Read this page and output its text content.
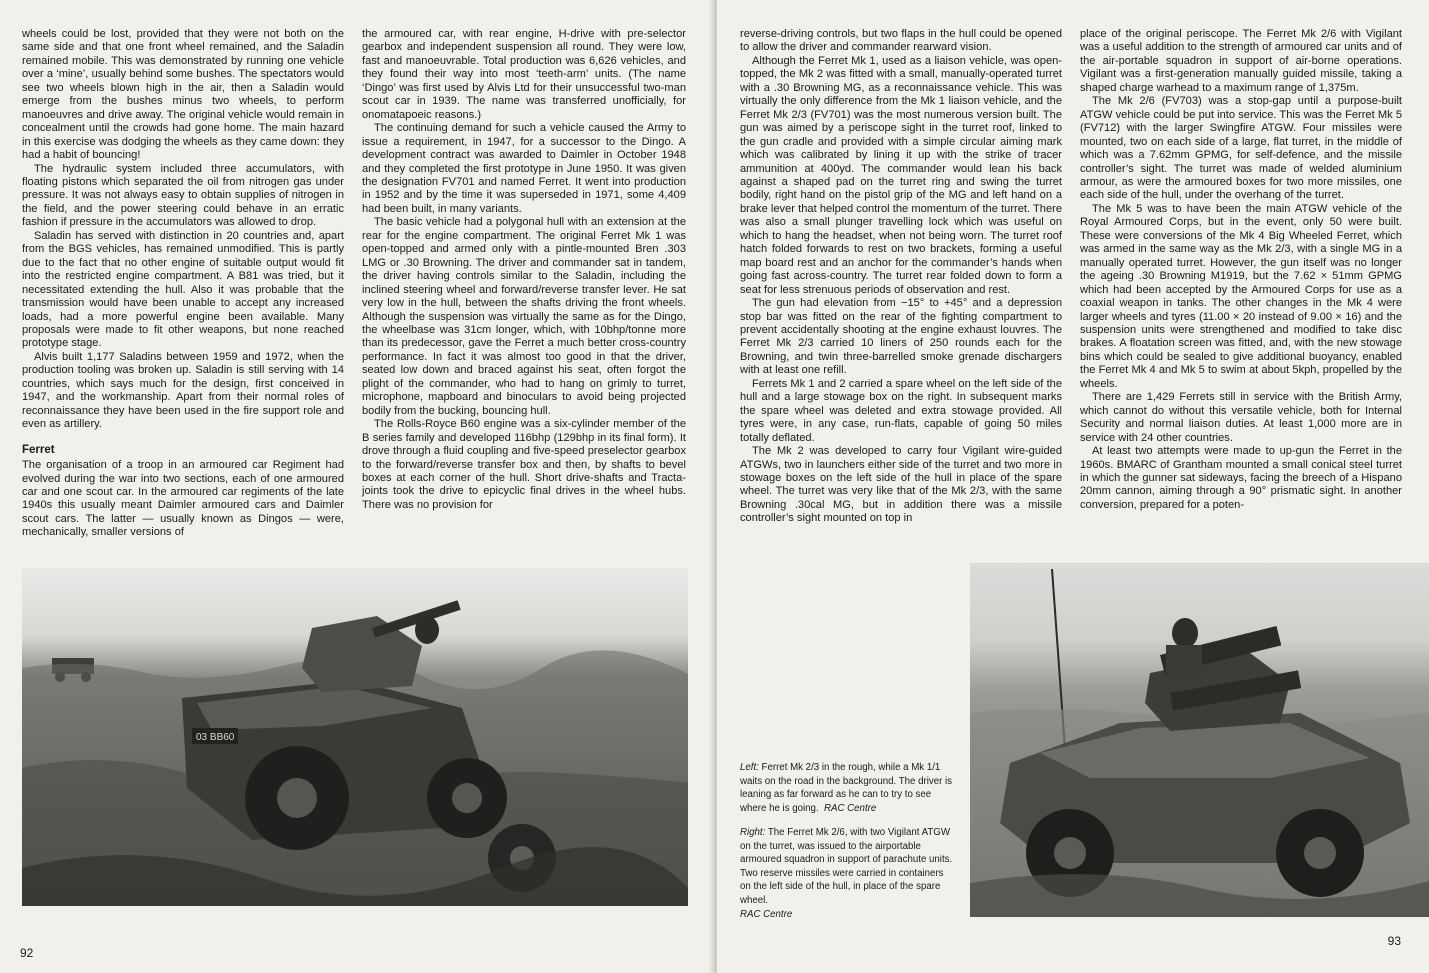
wheels could be lost, provided that they were not both on the same side and that one front wheel remained, and the Saladin remained mobile. This was demonstrated by running one vehicle over a ‘mine’, usually behind some bushes. The spectators would see two wheels blown high in the air, then a Saladin would emerge from the bushes minus two wheels, to perform manoeuvres and drive away. The original vehicle would remain in concealment until the crowds had gone home. The main hazard in this exercise was dodging the wheels as they came down: they had a habit of bouncing!

The hydraulic system included three accumulators, with floating pistons which separated the oil from nitrogen gas under pressure. It was not always easy to obtain supplies of nitrogen in the field, and the power steering could behave in an erratic fashion if pressure in the accumulators was allowed to drop.

Saladin has served with distinction in 20 countries and, apart from the BGS vehicles, has remained unmodified. This is partly due to the fact that no other engine of suitable output would fit into the restricted engine compartment. A B81 was tried, but it necessitated extending the hull. Also it was probable that the transmission would have been unable to accept any increased loads, had a more powerful engine been available. Many proposals were made to fit other weapons, but none reached prototype stage.

Alvis built 1,177 Saladins between 1959 and 1972, when the production tooling was broken up. Saladin is still serving with 14 countries, which says much for the design, first conceived in 1947, and the workmanship. Apart from their normal roles of reconnaissance they have been used in the fire support role and even as artillery.

Ferret

The organisation of a troop in an armoured car Regiment had evolved during the war into two sections, each of one armoured car and one scout car. In the armoured car regiments of the late 1940s this usually meant Daimler armoured cars and Daimler scout cars. The latter — usually known as Dingos — were, mechanically, smaller versions of

the armoured car, with rear engine, H-drive with pre-selector gearbox and independent suspension all round. They were low, fast and manoeuvrable. Total production was 6,626 vehicles, and they found their way into most ‘teeth-arm’ units. (The name ‘Dingo’ was first used by Alvis Ltd for their unsuccessful two-man scout car in 1939. The name was transferred unofficially, for onomatapoeic reasons.)

The continuing demand for such a vehicle caused the Army to issue a requirement, in 1947, for a successor to the Dingo. A development contract was awarded to Daimler in October 1948 and they completed the first prototype in June 1950. It was given the designation FV701 and named Ferret. It went into production in 1952 and by the time it was superseded in 1971, some 4,409 had been built, in many variants.

The basic vehicle had a polygonal hull with an extension at the rear for the engine compartment. The original Ferret Mk 1 was open-topped and armed only with a pintle-mounted Bren .303 LMG or .30 Browning. The driver and commander sat in tandem, the driver having controls similar to the Saladin, including the inclined steering wheel and forward/reverse transfer lever. He sat very low in the hull, between the shafts driving the front wheels. Although the suspension was virtually the same as for the Dingo, the wheelbase was 31cm longer, which, with 10bhp/tonne more than its predecessor, gave the Ferret a much better cross-country performance. In fact it was almost too good in that the driver, seated low down and braced against his seat, often forgot the plight of the commander, who had to hang on grimly to turret, microphone, mapboard and binoculars to avoid being projected bodily from the bucking, bouncing hull.

The Rolls-Royce B60 engine was a six-cylinder member of the B series family and developed 116bhp (129bhp in its final form). It drove through a fluid coupling and five-speed preselector gearbox to the forward/reverse transfer box and then, by shafts to bevel boxes at each corner of the hull. Short drive-shafts and Tracta-joints took the drive to epicyclic final drives in the wheel hubs. There was no provision for

03 BB60
92

reverse-driving controls, but two flaps in the hull could be opened to allow the driver and commander rearward vision.

Although the Ferret Mk 1, used as a liaison vehicle, was open-topped, the Mk 2 was fitted with a small, manually-operated turret with a .30 Browning MG, as a reconnaissance vehicle. This was virtually the only difference from the Mk 1 liaison vehicle, and the Ferret Mk 2/3 (FV701) was the most numerous version built. The gun was aimed by a periscope sight in the turret roof, linked to the gun cradle and provided with a simple circular aiming mark which was calibrated by lining it up with the strike of tracer ammunition at 400yd. The commander would lean his back against a shaped pad on the turret ring and swing the turret bodily, right hand on the pistol grip of the MG and left hand on a brake lever that helped control the momentum of the turret. There was also a small plunger travelling lock which was useful on which to hang the headset, when not being worn. The turret roof hatch folded forwards to rest on two brackets, forming a useful map board rest and an anchor for the commander’s hands when going fast across-country. The turret rear folded down to form a seat for less strenuous periods of observation and rest.

The gun had elevation from −15° to +45° and a depression stop bar was fitted on the rear of the fighting compartment to prevent accidentally shooting at the engine exhaust louvres. The Ferret Mk 2/3 carried 10 liners of 250 rounds each for the Browning, and twin three-barrelled smoke grenade dischargers with at least one refill.

Ferrets Mk 1 and 2 carried a spare wheel on the left side of the hull and a large stowage box on the right. In subsequent marks the spare wheel was deleted and extra stowage provided. All tyres were, in any case, run-flats, capable of going 50 miles totally deflated.

The Mk 2 was developed to carry four Vigilant wire-guided ATGWs, two in launchers either side of the turret and two more in stowage boxes on the left side of the hull in place of the spare wheel. The turret was very like that of the Mk 2/3, with the same Browning .30cal MG, but in addition there was a missile controller’s sight mounted on top in

place of the original periscope. The Ferret Mk 2/6 with Vigilant was a useful addition to the strength of armoured car units and of the air-portable squadron in support of air-borne operations. Vigilant was a first-generation manually guided missile, taking a shaped charge warhead to a maximum range of 1,375m.

The Mk 2/6 (FV703) was a stop-gap until a purpose-built ATGW vehicle could be put into service. This was the Ferret Mk 5 (FV712) with the larger Swingfire ATGW. Four missiles were mounted, two on each side of a large, flat turret, in the middle of which was a 7.62mm GPMG, for self-defence, and the missile controller’s sight. The turret was made of welded aluminium armour, as were the armoured boxes for two more missiles, one each side of the hull, under the overhang of the turret.

The Mk 5 was to have been the main ATGW vehicle of the Royal Armoured Corps, but in the event, only 50 were built. These were conversions of the Mk 4 Big Wheeled Ferret, which was armed in the same way as the Mk 2/3, with a single MG in a manually operated turret. However, the gun itself was no longer the ageing .30 Browning M1919, but the 7.62 × 51mm GPMG which had been accepted by the Armoured Corps for use as a coaxial weapon in tanks. The other changes in the Mk 4 were larger wheels and tyres (11.00 × 20 instead of 9.00 × 16) and the suspension units were strengthened and modified to take disc brakes. A floatation screen was fitted, and, with the new stowage bins which could be sealed to give additional buoyancy, enabled the Ferret Mk 4 and Mk 5 to swim at about 5kph, propelled by the wheels.

There are 1,429 Ferrets still in service with the British Army, which cannot do without this versatile vehicle, both for Internal Security and normal liaison duties. At least 1,000 more are in service with 24 other countries.

At least two attempts were made to up-gun the Ferret in the 1960s. BMARC of Grantham mounted a small conical steel turret in which the gunner sat sideways, facing the breech of a Hispano 20mm cannon, aiming through a 90° prismatic sight. In another conversion, prepared for a poten-

Left: Ferret Mk 2/3 in the rough, while a Mk 1/1 waits on the road in the background. The driver is leaning as far forward as he can to try to see where he is going. RAC Centre
Right: The Ferret Mk 2/6, with two Vigilant ATGW on the turret, was issued to the airportable armoured squadron in support of parachute units. Two reserve missiles were carried in containers on the left side of the hull, in place of the spare wheel.
RAC Centre
93
